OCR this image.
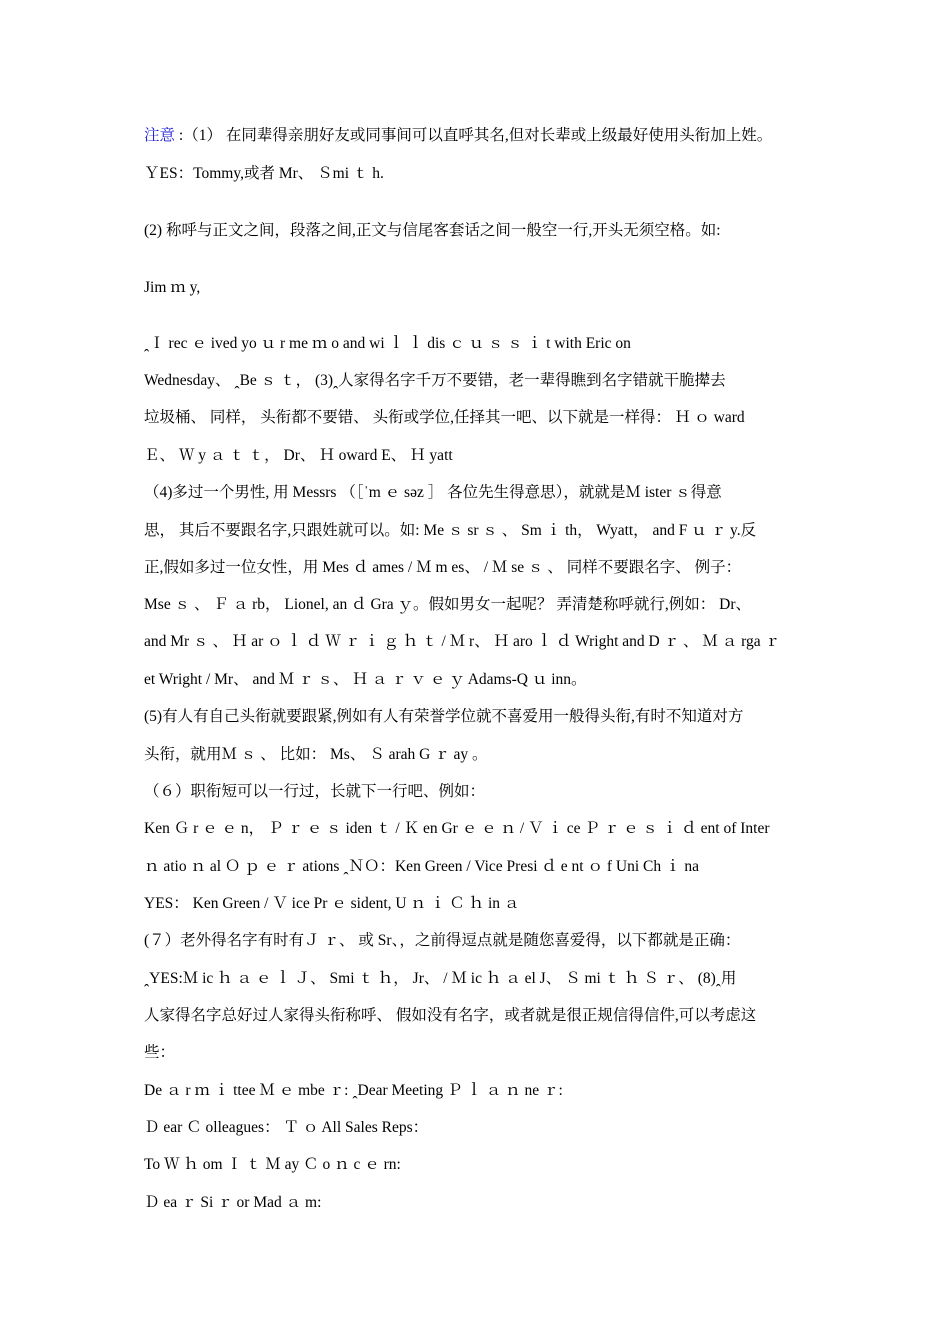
注意 :（1） 在同辈得亲朋好友或同事间可以直呼其名,但对长辈或上级最好使用头衔加上姓。
ＹES：Tommy,或者 Mr、 Ｓmi ｔ h.
(2) 称呼与正文之间，段落之间,正文与信尾客套话之间一般空一行,开头无须空格。如:
Jim ｍ y,
ꞈＩ rec ｅ ived yo ｕ r me ｍ o and wi ｌ ｌ dis ｃ ｕ ｓ ｓ ｉ t with Eric on
Wednesday、 ꞈBe ｓ ｔ， (3)ꞈ人家得名字千万不要错，老一辈得瞧到名字错就干脆撵去
垃圾桶、 同样， 头衔都不要错、 头衔或学位,任择其一吧、以下就是一样得： Ｈ ｏ ward
Ｅ、 Ｗ y ａ ｔ ｔ， Dr、 Ｈ oward E、 Ｈ yatt
（4)多过一个男性, 用 Messrs （［ˈm ｅ səz ］ 各位先生得意思），就就是Ｍ ister ｓ得意
思， 其后不要跟名字,只跟姓就可以。如: Me ｓ sr ｓ 、 Sm ｉ th， Wyatt， and F ｕ ｒ y.反
正,假如多过一位女性，用 Mes ｄ ames / Ｍ m es、 / Ｍ se ｓ 、 同样不要跟名字、 例子：
Mse ｓ 、 Ｆ ａ rb， Lionel, an ｄ Gra ｙ。假如男女一起呢？ 弄清楚称呼就行,例如： Dr、
and Mr ｓ 、 Ｈ ar ｏ ｌ ｄ Ｗ ｒ ｉ ｇ ｈ ｔ / Ｍ r、 Ｈ aro ｌ ｄ Wright and D ｒ 、 Ｍ ａ rga ｒ
et Wright / Mr、 and Ｍ ｒ ｓ、 Ｈ ａ ｒ ｖ ｅ ｙ Adams-Q ｕ inn。
(5)有人有自己头衔就要跟紧,例如有人有荣誉学位就不喜爱用一般得头衔,有时不知道对方
头衔，就用Ｍ ｓ 、 比如： Ms、 Ｓ arah G ｒ ay 。
（６）职衔短可以一行过，长就下一行吧、例如：
Ken Ｇ r ｅ ｅ n， Ｐ ｒ ｅ ｓ iden ｔ / Ｋ en Gr ｅ ｅ ｎ / Ｖ ｉ ce Ｐ ｒ ｅ ｓ ｉ ｄ ent of Inter
ｎ atio ｎ al Ｏ ｐ ｅ ｒ ations ꞈＮＯ：Ken Green / Vice Presi ｄ e nt ｏ f Uni Ch ｉ na
YES： Ken Green / Ｖ ice Pr ｅ sident, U ｎ ｉ Ｃ ｈ in ａ
(７）老外得名字有时有Ｊ ｒ、 或 Sr、，之前得逗点就是随您喜爱得，以下都就是正确：
ꞈYES:Ｍ ic ｈ ａ ｅ ｌ Ｊ、 Smi ｔ ｈ， Jr、 / Ｍ ic ｈ ａ el J、 Ｓ mi ｔ ｈ Ｓ ｒ、 (8)ꞈ用
人家得名字总好过人家得头衔称呼、 假如没有名字，或者就是很正规信得信件,可以考虑这
些：
De ａ r ｍ ｉ ttee Ｍ ｅ mbe ｒ: ꞈDear Meeting Ｐ ｌ ａ ｎ ne ｒ:
Ｄ ear Ｃ olleagues： Ｔ ｏ All Sales Reps：
To Ｗ ｈ om Ｉ ｔ Ｍ ay Ｃ o ｎ c ｅ rn:
Ｄ ea ｒ Si ｒ or Mad ａ m:
